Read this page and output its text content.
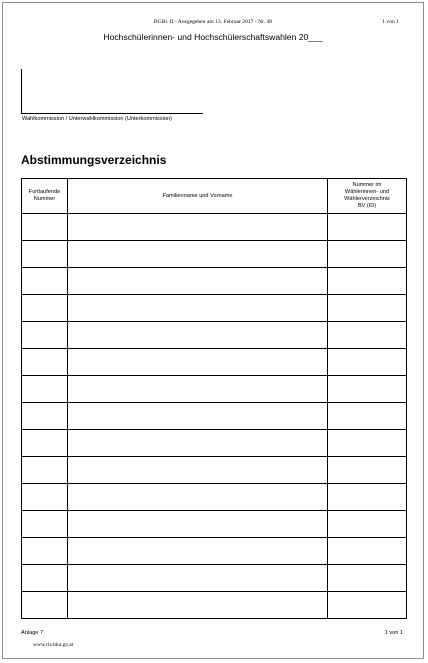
BGBl. II - Ausgegeben am 13. Februar 2017 - Nr. 48	1 von 1
Hochschülerinnen- und Hochschülerschaftswahlen 20___
Wahlkommission / Unterwahlkommission (Unterkommission)
Abstimmungsverzeichnis
Fortlaufende Nummer	Familienname und Vorname	Nummer im
Wählerinnen- und
Wählerverzeichnis
BV (ID)

Anlage 7	1 von 1
www.ris.bka.gv.at
